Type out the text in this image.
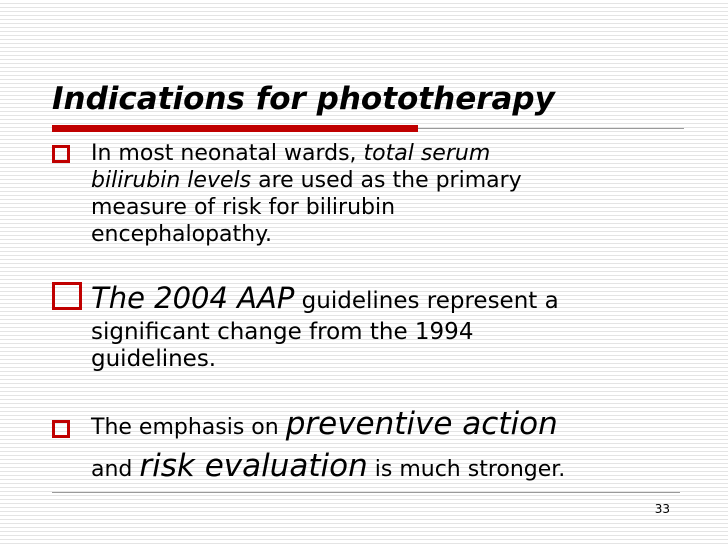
Indications for phototherapy
In most neonatal wards, total serum
bilirubin levels are used as the primary
measure of risk for bilirubin
encephalopathy.
The 2004 AAP guidelines represent a
significant change from the 1994
guidelines.
The emphasis on preventive action
and risk evaluation is much stronger.
33
